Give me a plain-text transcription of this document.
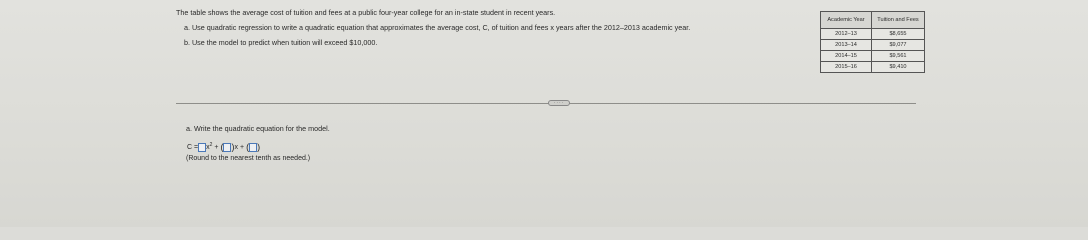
The table shows the average cost of tuition and fees at a public four-year college for an in-state student in recent years.

a. Use quadratic regression to write a quadratic equation that approximates the average cost, C, of tuition and fees x years after the 2012–2013 academic year.

b. Use the model to predict when tuition will exceed $10,000.

Academic Year	Tuition and Fees
2012–13	$8,655
2013–14	$9,077
2014–15	$9,561
2015–16	$9,410
····

a. Write the quadratic equation for the model.

$C = x^2$ + ( ) x + ( )
(Round to the nearest tenth as needed.)
